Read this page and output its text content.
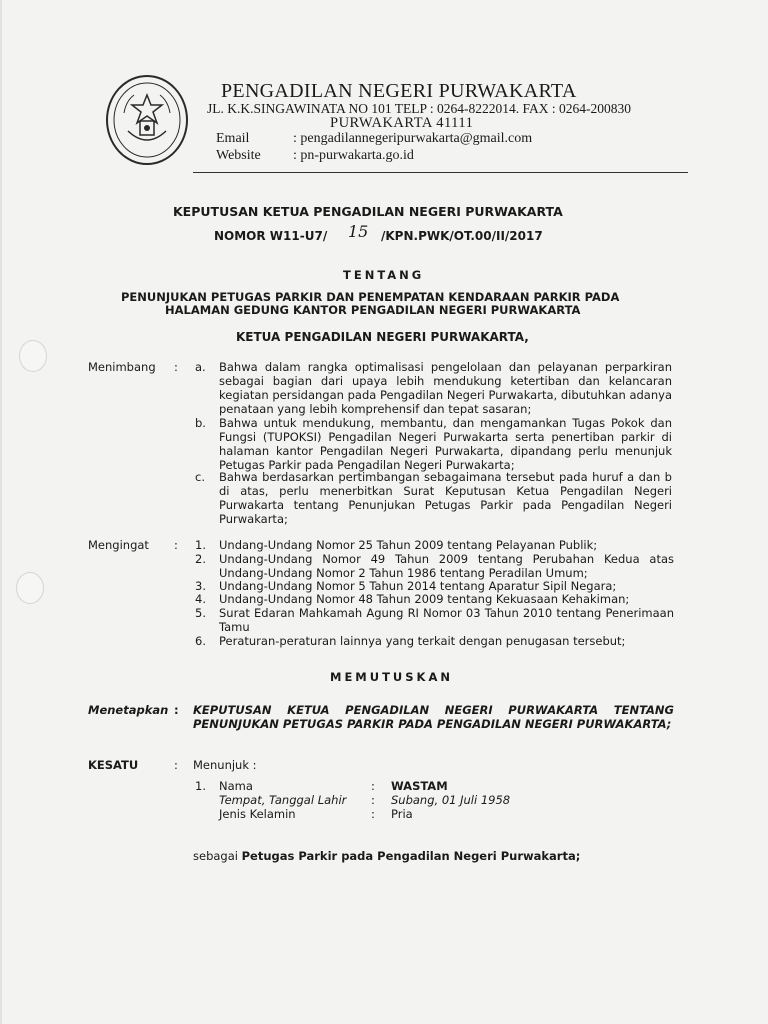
PENGADILAN NEGERI PURWAKARTA
JL. K.K.SINGAWINATA NO 101 TELP : 0264-8222014. FAX : 0264-200830
PURWAKARTA 41111
Email	: pengadilannegeripurwakarta@gmail.com
Website : pn-purwakarta.go.id
KEPUTUSAN KETUA PENGADILAN NEGERI PURWAKARTA
NOMOR W11-U7/ 15 /KPN.PWK/OT.00/II/2017
TENTANG
PENUNJUKAN PETUGAS PARKIR DAN PENEMPATAN KENDARAAN PARKIR PADA
HALAMAN GEDUNG KANTOR PENGADILAN NEGERI PURWAKARTA
KETUA PENGADILAN NEGERI PURWAKARTA,
Menimbang : a. Bahwa dalam rangka optimalisasi pengelolaan dan pelayanan perparkiran sebagai bagian dari upaya lebih mendukung ketertiban dan kelancaran kegiatan persidangan pada Pengadilan Negeri Purwakarta, dibutuhkan adanya penataan yang lebih komprehensif dan tepat sasaran;
b. Bahwa untuk mendukung, membantu, dan mengamankan Tugas Pokok dan Fungsi (TUPOKSI) Pengadilan Negeri Purwakarta serta penertiban parkir di halaman kantor Pengadilan Negeri Purwakarta, dipandang perlu menunjuk Petugas Parkir pada Pengadilan Negeri Purwakarta;
c. Bahwa berdasarkan pertimbangan sebagaimana tersebut pada huruf a dan b di atas, perlu menerbitkan Surat Keputusan Ketua Pengadilan Negeri Purwakarta tentang Penunjukan Petugas Parkir pada Pengadilan Negeri Purwakarta;
Mengingat : 1. Undang-Undang Nomor 25 Tahun 2009 tentang Pelayanan Publik;
2. Undang-Undang Nomor 49 Tahun 2009 tentang Perubahan Kedua atas Undang-Undang Nomor 2 Tahun 1986 tentang Peradilan Umum;
3. Undang-Undang Nomor 5 Tahun 2014 tentang Aparatur Sipil Negara;
4. Undang-Undang Nomor 48 Tahun 2009 tentang Kekuasaan Kehakiman;
5. Surat Edaran Mahkamah Agung RI Nomor 03 Tahun 2010 tentang Penerimaan Tamu
6. Peraturan-peraturan lainnya yang terkait dengan penugasan tersebut;
MEMUTUSKAN
Menetapkan : KEPUTUSAN KETUA PENGADILAN NEGERI PURWAKARTA TENTANG PENUNJUKAN PETUGAS PARKIR PADA PENGADILAN NEGERI PURWAKARTA;
KESATU	: Menunjuk :
1. Nama	: WASTAM
Tempat, Tanggal Lahir : Subang, 01 Juli 1958
Jenis Kelamin	: Pria
sebagai Petugas Parkir pada Pengadilan Negeri Purwakarta;
